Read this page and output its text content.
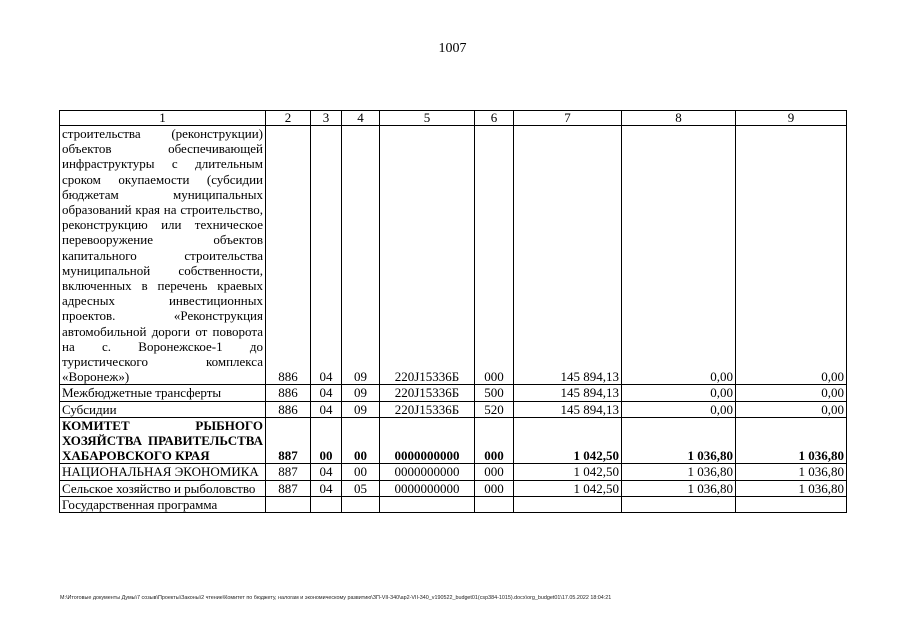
1007
1	2	3	4	5	6	7	8	9
строительства (реконструкции) объектов обеспечивающей инфраструктуры с длительным сроком окупаемости (субсидии бюджетам муниципальных образований края на строительство, реконструкцию или техническое перевооружение объектов капитального строительства муниципальной собственности, включенных в перечень краевых адресных инвестиционных проектов. «Реконструкция автомобильной дороги от поворота на с. Воронежское-1 до туристического комплекса «Воронеж»)	886	04	09	220J15336Б	000	145 894,13	0,00	0,00
Межбюджетные трансферты	886	04	09	220J15336Б	500	145 894,13	0,00	0,00
Субсидии	886	04	09	220J15336Б	520	145 894,13	0,00	0,00
КОМИТЕТ РЫБНОГО ХОЗЯЙСТВА ПРАВИТЕЛЬСТВА ХАБАРОВСКОГО КРАЯ	887	00	00	0000000000	000	1 042,50	1 036,80	1 036,80
НАЦИОНАЛЬНАЯ ЭКОНОМИКА	887	04	00	0000000000	000	1 042,50	1 036,80	1 036,80
Сельское хозяйство и рыболовство	887	04	05	0000000000	000	1 042,50	1 036,80	1 036,80
Государственная программа								
M:\Итоговые документы Думы\7 созыв\Проекты\Законы\2 чтение\Комитет по бюджету, налогам и экономическому развитию\ЗП-VII-340\ap2-VII-340_v190522_budget01(csp384-1015).docx\org_budget01\17.05.2022 18:04:21
